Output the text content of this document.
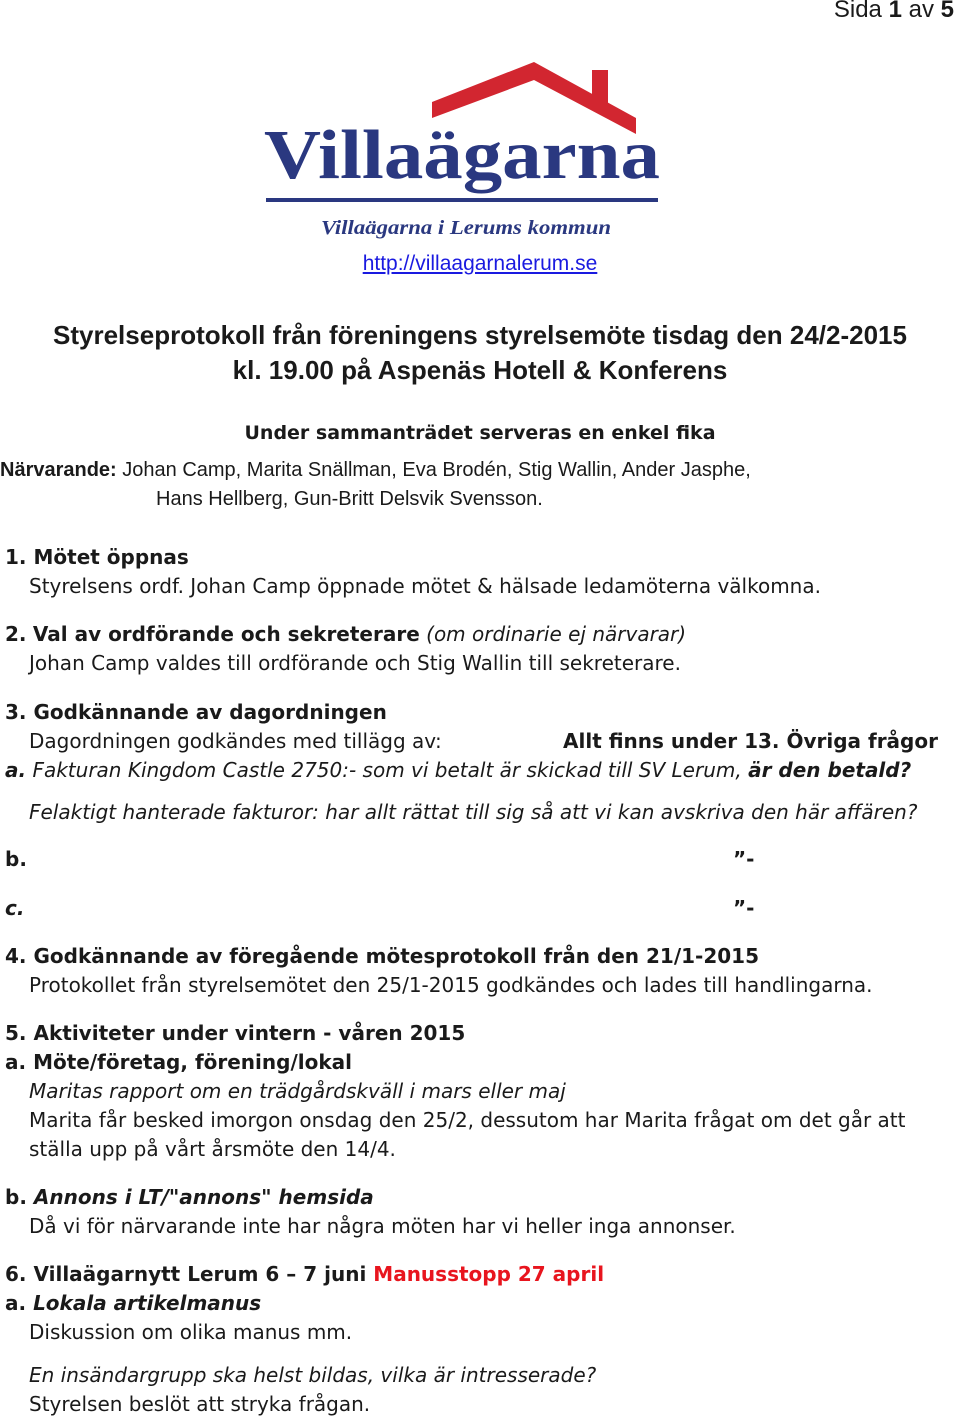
Sida 1 av 5
Villaägarna
Villaägarna i Lerums kommun
http://villaagarnalerum.se
Styrelseprotokoll från föreningens styrelsemöte tisdag den 24/2-2015
kl. 19.00 på Aspenäs Hotell & Konferens
Under sammanträdet serveras en enkel fika
Närvarande: Johan Camp, Marita Snällman, Eva Brodén, Stig Wallin, Ander Jasphe,
Hans Hellberg, Gun-Britt Delsvik Svensson.
1. Mötet öppnas
Styrelsens ordf. Johan Camp öppnade mötet & hälsade ledamöterna välkomna.
2. Val av ordförande och sekreterare (om ordinarie ej närvarar)
Johan Camp valdes till ordförande och Stig Wallin till sekreterare.
3. Godkännande av dagordningen
Dagordningen godkändes med tillägg av:	Allt finns under 13. Övriga frågor
a. Fakturan Kingdom Castle 2750:- som vi betalt är skickad till SV Lerum, är den betald?
Felaktigt hanterade fakturor: har allt rättat till sig så att vi kan avskriva den här affären?
b.	”-
c.	”-
4. Godkännande av föregående mötesprotokoll från den 21/1-2015
Protokollet från styrelsemötet den 25/1-2015 godkändes och lades till handlingarna.
5. Aktiviteter under vintern - våren 2015
a. Möte/företag, förening/lokal
Maritas rapport om en trädgårdskväll i mars eller maj
Marita får besked imorgon onsdag den 25/2, dessutom har Marita frågat om det går att
ställa upp på vårt årsmöte den 14/4.
b. Annons i LT/"annons" hemsida
Då vi för närvarande inte har några möten har vi heller inga annonser.
6. Villaägarnytt Lerum 6 – 7 juni Manusstopp 27 april
a. Lokala artikelmanus
Diskussion om olika manus mm.
En insändargrupp ska helst bildas, vilka är intresserade?
Styrelsen beslöt att stryka frågan.
